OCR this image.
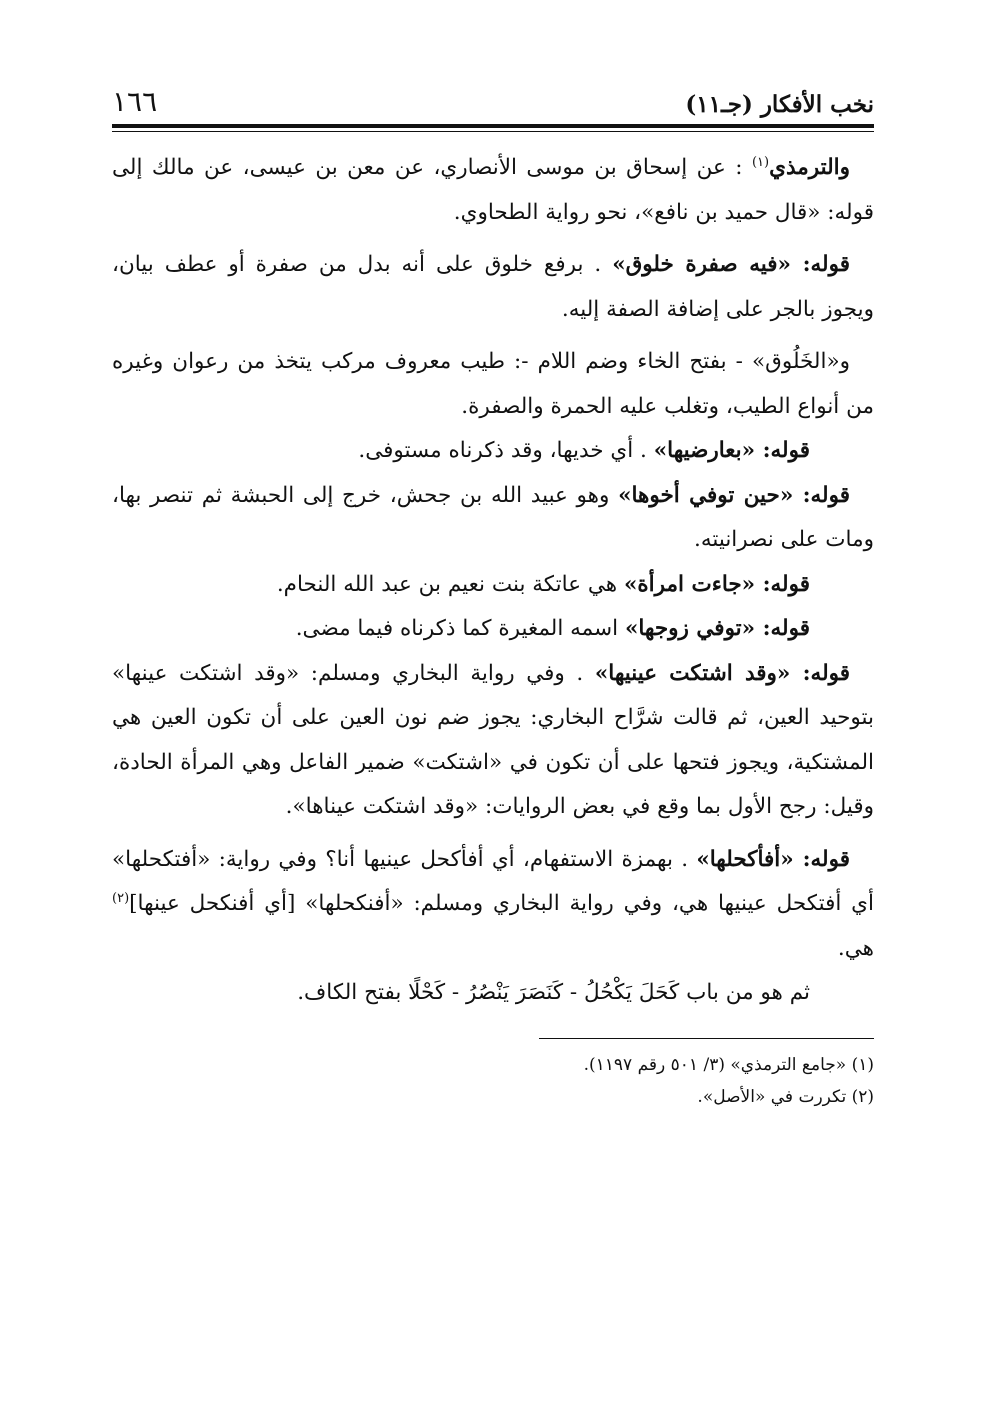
نخب الأفكار (جـ١١)
١٦٦

والترمذي$^{(١)}$ : عن إسحاق بن موسى الأنصاري، عن معن بن عيسى، عن مالك إلى قوله: «قال حميد بن نافع»، نحو رواية الطحاوي.

قوله: «فيه صفرة خلوق» . برفع خلوق على أنه بدل من صفرة أو عطف بيان، ويجوز بالجر على إضافة الصفة إليه.

و«الخَلُوق» - بفتح الخاء وضم اللام -: طيب معروف مركب يتخذ من رعوان وغيره من أنواع الطيب، وتغلب عليه الحمرة والصفرة.

قوله: «بعارضيها» . أي خديها، وقد ذكرناه مستوفى.

قوله: «حين توفي أخوها» وهو عبيد الله بن جحش، خرج إلى الحبشة ثم تنصر بها، ومات على نصرانيته.

قوله: «جاءت امرأة» هي عاتكة بنت نعيم بن عبد الله النحام.

قوله: «توفي زوجها» اسمه المغيرة كما ذكرناه فيما مضى.

قوله: «وقد اشتكت عينيها» . وفي رواية البخاري ومسلم: «وقد اشتكت عينها» بتوحيد العين، ثم قالت شرَّاح البخاري: يجوز ضم نون العين على أن تكون العين هي المشتكية، ويجوز فتحها على أن تكون في «اشتكت» ضمير الفاعل وهي المرأة الحادة، وقيل: رجح الأول بما وقع في بعض الروايات: «وقد اشتكت عيناها».

قوله: «أفأكحلها» . بهمزة الاستفهام، أي أفأكحل عينيها أنا؟ وفي رواية: «أفتكحلها» أي أفتكحل عينيها هي، وفي رواية البخاري ومسلم: «أفنكحلها» [أي أفنكحل عينها]$^{(٢)}$ هي.

ثم هو من باب كَحَلَ يَكْحُلُ - كَنَصَرَ يَنْصُرُ - كَحْلًا بفتح الكاف.

(١) «جامع الترمذي» (٣/ ٥٠١ رقم ١١٩٧).

(٢) تكررت في «الأصل».
